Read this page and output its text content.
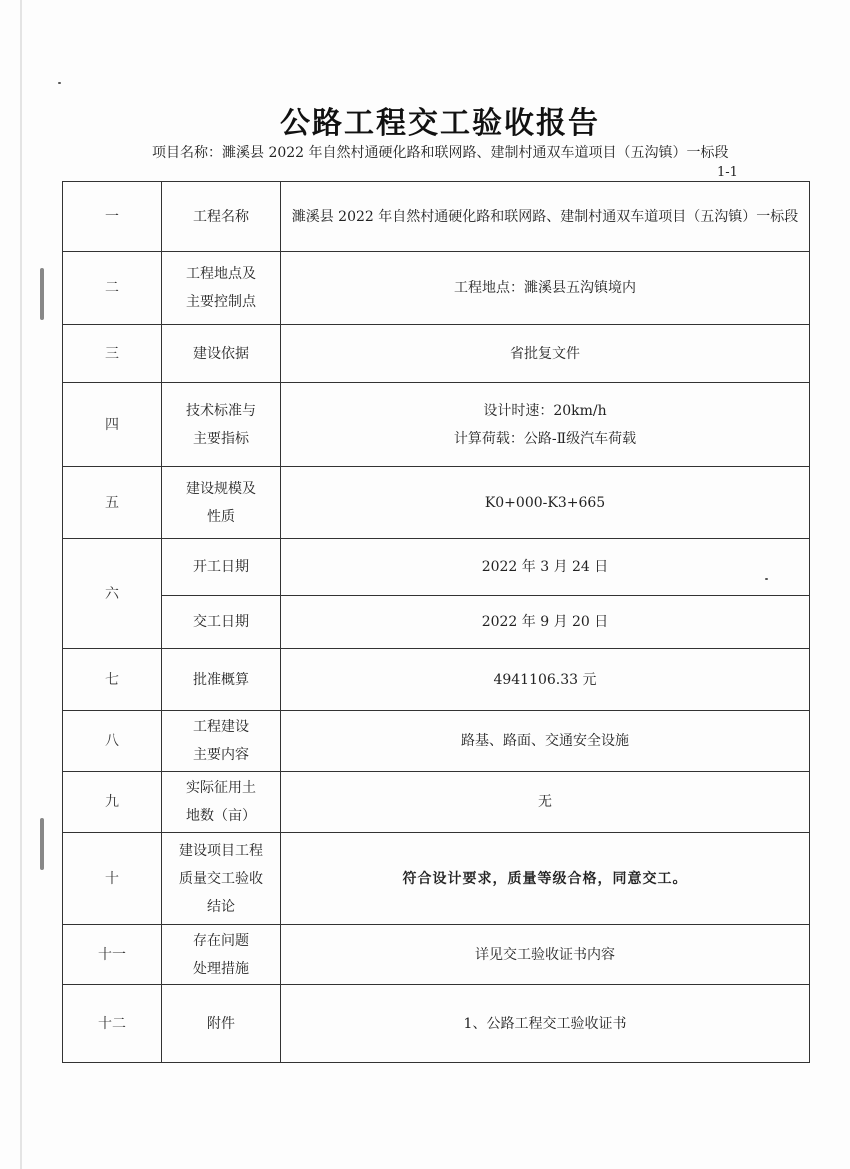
公路工程交工验收报告
项目名称：濉溪县 2022 年自然村通硬化路和联网路、建制村通双车道项目（五沟镇）一标段
1-1
一	工程名称	濉溪县 2022 年自然村通硬化路和联网路、建制村通双车道项目（五沟镇）一标段

二	工程地点及
主要控制点	工程地点：濉溪县五沟镇境内

三	建设依据	省批复文件

四	技术标准与
主要指标	设计时速：20km/h
计算荷载：公路-Ⅱ级汽车荷载

五	建设规模及
性质	K0+000-K3+665

六	开工日期	2022 年 3 月 24 日

	交工日期	2022 年 9 月 20 日

七	批准概算	4941106.33 元

八	工程建设
主要内容	路基、路面、交通安全设施

九	实际征用土
地数（亩）	无

十	建设项目工程
质量交工验收
结论	符合设计要求，质量等级合格，同意交工。

十一	存在问题
处理措施	详见交工验收证书内容

十二	附件	1、公路工程交工验收证书
